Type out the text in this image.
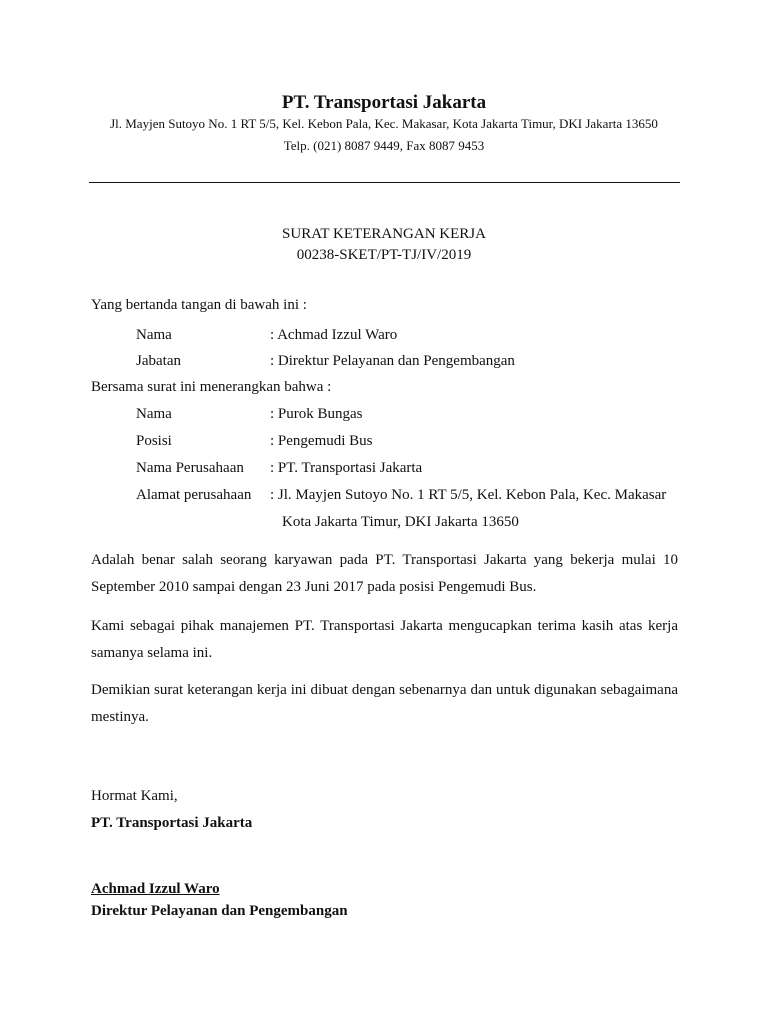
PT. Transportasi Jakarta
Jl. Mayjen Sutoyo No. 1 RT 5/5, Kel. Kebon Pala, Kec. Makasar, Kota Jakarta Timur, DKI Jakarta 13650
Telp. (021) 8087 9449, Fax 8087 9453
SURAT KETERANGAN KERJA
00238-SKET/PT-TJ/IV/2019
Yang bertanda tangan di bawah ini :
Nama	: Achmad Izzul Waro
Jabatan	: Direktur Pelayanan dan Pengembangan
Bersama surat ini menerangkan bahwa :
Nama	: Purok Bungas
Posisi	: Pengemudi Bus
Nama Perusahaan : PT. Transportasi Jakarta
Alamat perusahaan : Jl. Mayjen Sutoyo No. 1 RT 5/5, Kel. Kebon Pala, Kec. Makasar
Kota Jakarta Timur, DKI Jakarta 13650
Adalah benar salah seorang karyawan pada PT. Transportasi Jakarta yang bekerja mulai 10 September 2010 sampai dengan 23 Juni 2017 pada posisi Pengemudi Bus.
Kami sebagai pihak manajemen PT. Transportasi Jakarta mengucapkan terima kasih atas kerja samanya selama ini.
Demikian surat keterangan kerja ini dibuat dengan sebenarnya dan untuk digunakan sebagaimana mestinya.
Hormat Kami,
PT. Transportasi Jakarta
Achmad Izzul Waro
Direktur Pelayanan dan Pengembangan
